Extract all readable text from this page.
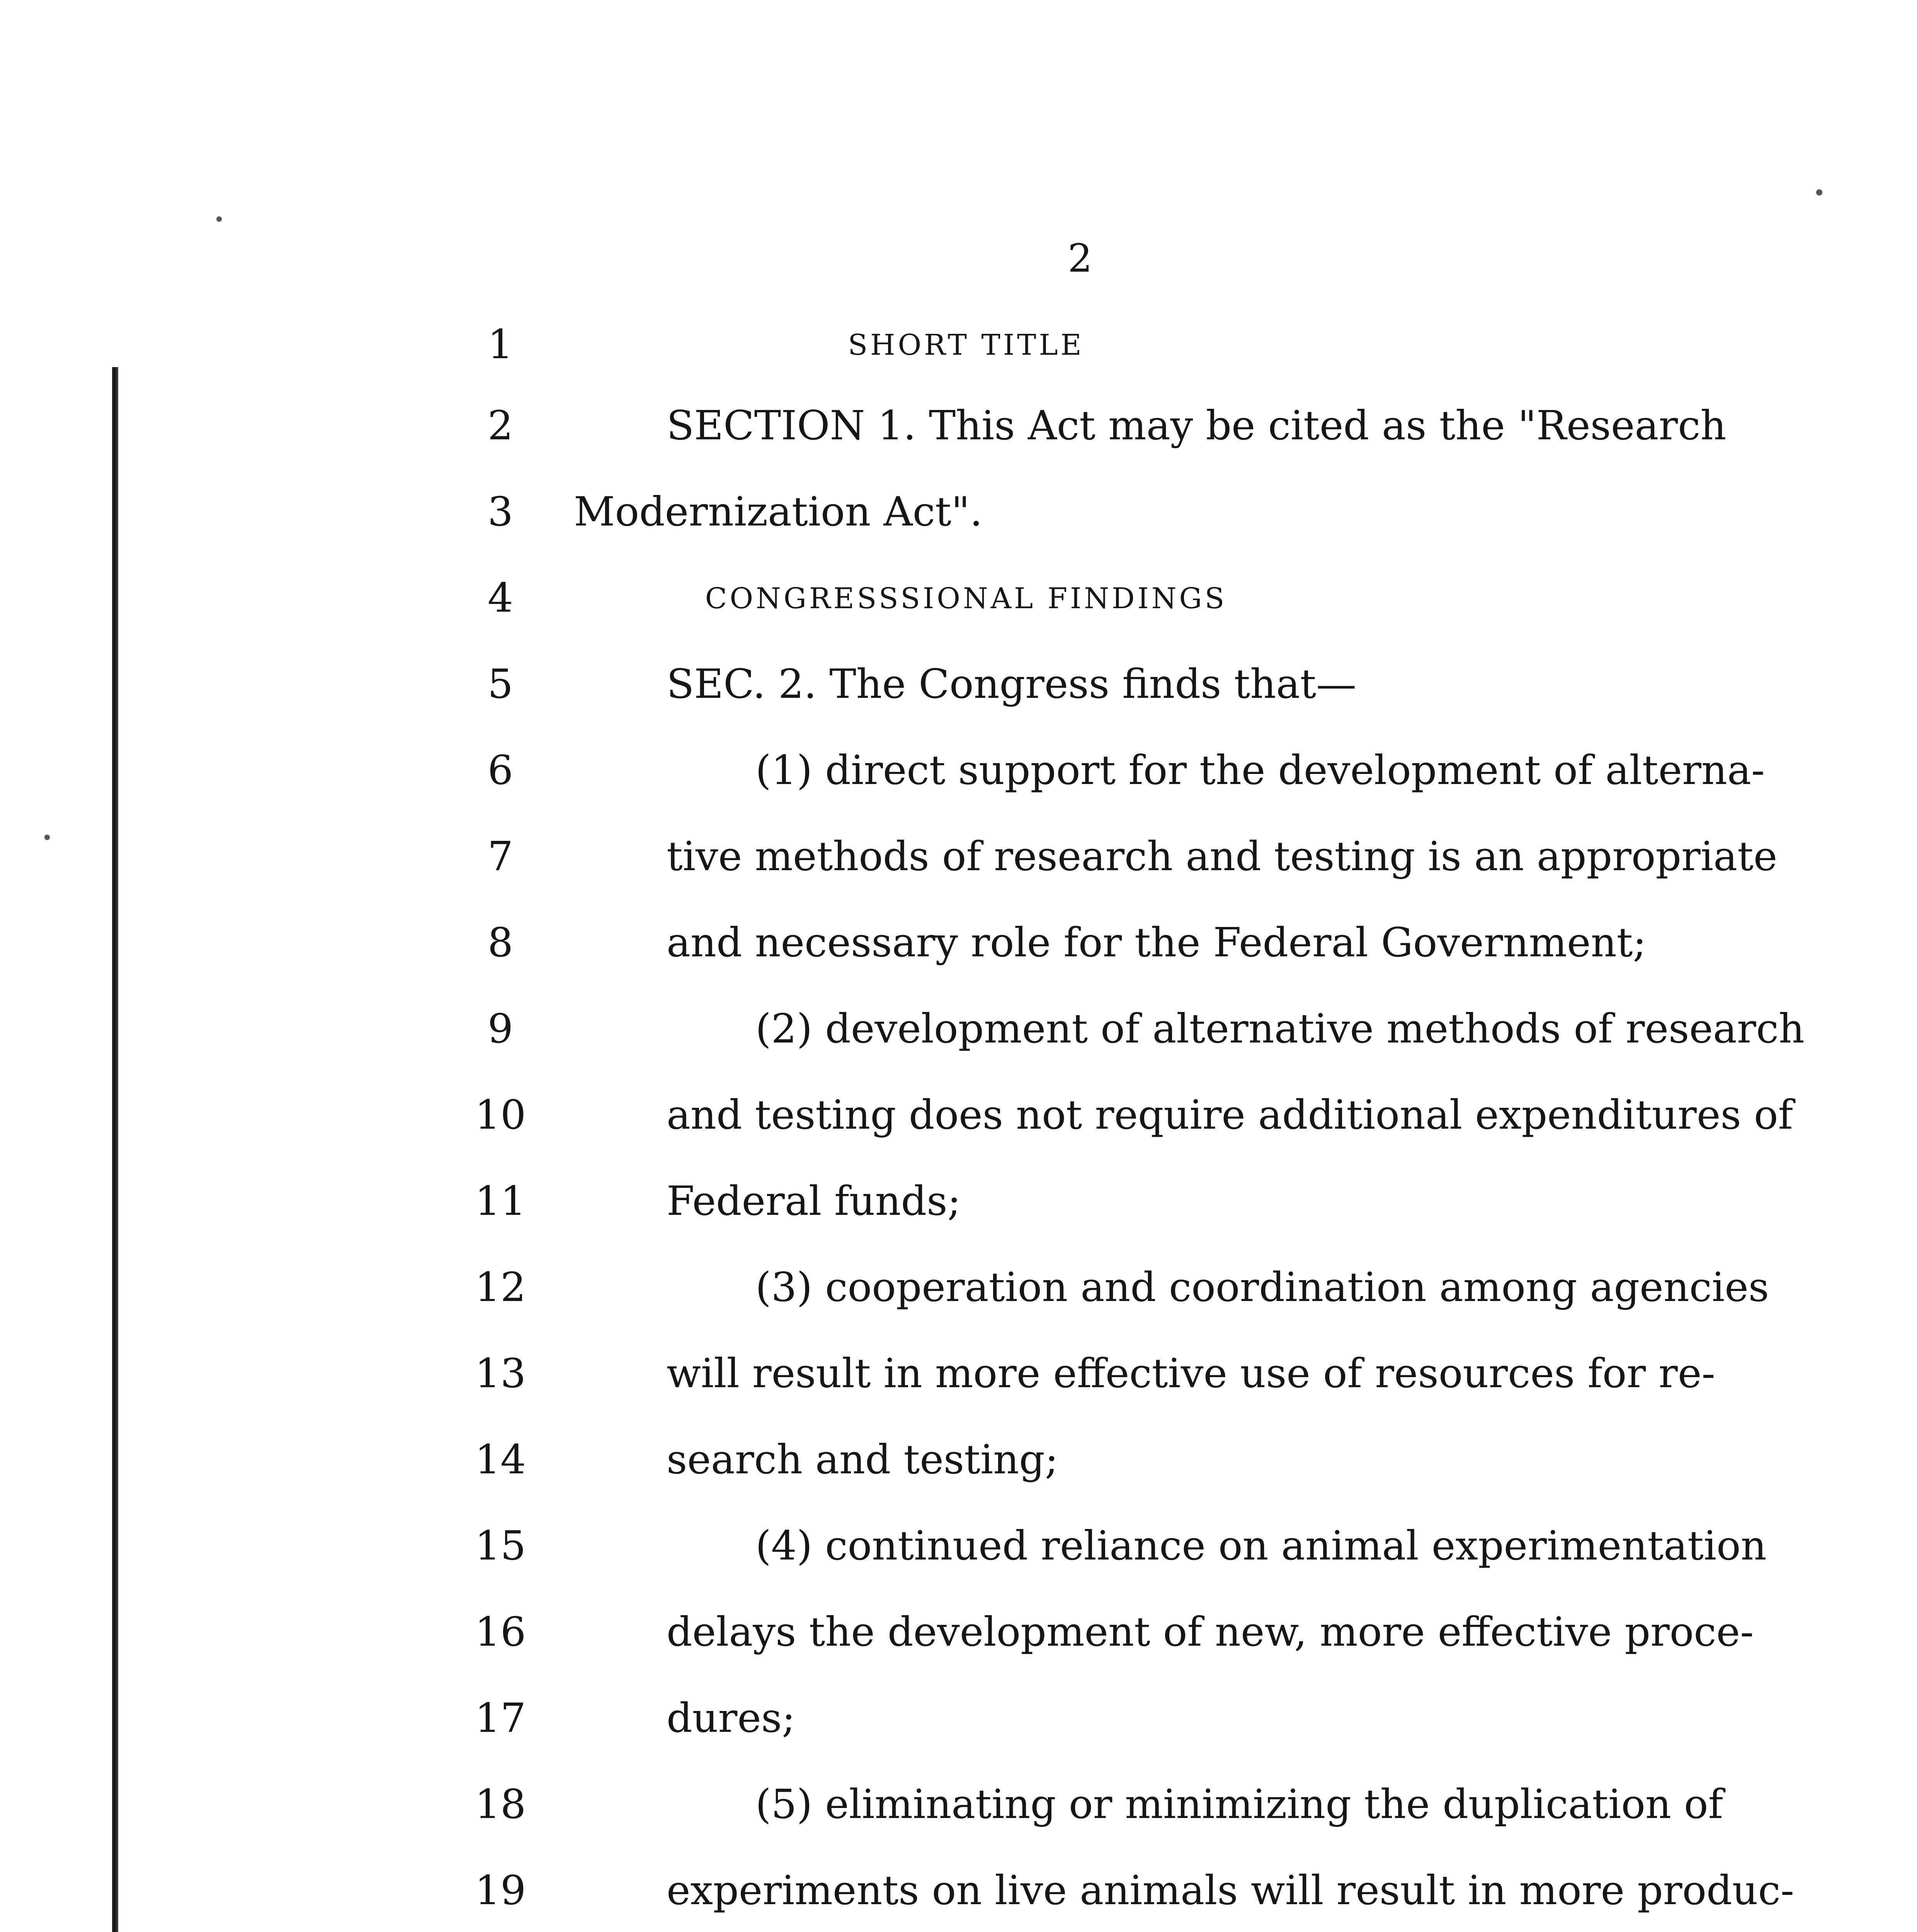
2
1	SHORT TITLE
2	SECTION 1. This Act may be cited as the "Research
3	Modernization Act".
4	CONGRESSSIONAL FINDINGS
5	SEC. 2. The Congress finds that—
6	(1) direct support for the development of alterna-
7	tive methods of research and testing is an appropriate
8	and necessary role for the Federal Government;
9	(2) development of alternative methods of research
10	and testing does not require additional expenditures of
11	Federal funds;
12	(3) cooperation and coordination among agencies
13	will result in more effective use of resources for re-
14	search and testing;
15	(4) continued reliance on animal experimentation
16	delays the development of new, more effective proce-
17	dures;
18	(5) eliminating or minimizing the duplication of
19	experiments on live animals will result in more produc-
